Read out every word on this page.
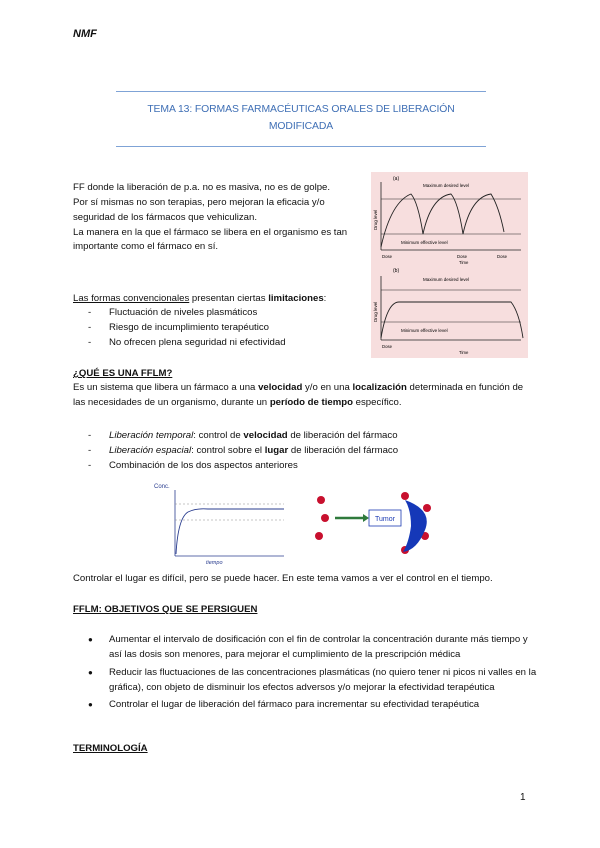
NMF
TEMA 13: FORMAS FARMACÉUTICAS ORALES DE LIBERACIÓN
MODIFICADA

FF donde la liberación de p.a. no es masiva, no es de golpe.

Por sí mismas no son terapias, pero mejoran la eficacia y/o seguridad de los fármacos que vehiculizan.

La manera en la que el fármaco se libera en el organismo es tan importante como el fármaco en sí.

(a)
Maximum desired level
Minimum effective level
Drug level
Dose	Dose	Dose
Time
(b)
Maximum desired level
Minimum effective level
Drug level
Dose
Time
Las formas convencionales presentan ciertas limitaciones:
- Fluctuación de niveles plasmáticos
- Riesgo de incumplimiento terapéutico
- No ofrecen plena seguridad ni efectividad
¿QUÉ ES UNA FFLM?
Es un sistema que libera un fármaco a una velocidad y/o en una localización determinada en función de las necesidades de un organismo, durante un período de tiempo específico.
- Liberación temporal: control de velocidad de liberación del fármaco
- Liberación espacial: control sobre el lugar de liberación del fármaco
- Combinación de los dos aspectos anteriores
Conc.
tiempo
Tumor
Controlar el lugar es difícil, pero se puede hacer. En este tema vamos a ver el control en el tiempo.
FFLM: OBJETIVOS QUE SE PERSIGUEN
● Aumentar el intervalo de dosificación con el fin de controlar la concentración durante más tiempo y así las dosis son menores, para mejorar el cumplimiento de la prescripción médica
● Reducir las fluctuaciones de las concentraciones plasmáticas (no quiero tener ni picos ni valles en la gráfica), con objeto de disminuir los efectos adversos y/o mejorar la efectividad terapéutica
● Controlar el lugar de liberación del fármaco para incrementar su efectividad terapéutica
TERMINOLOGÍA
1
